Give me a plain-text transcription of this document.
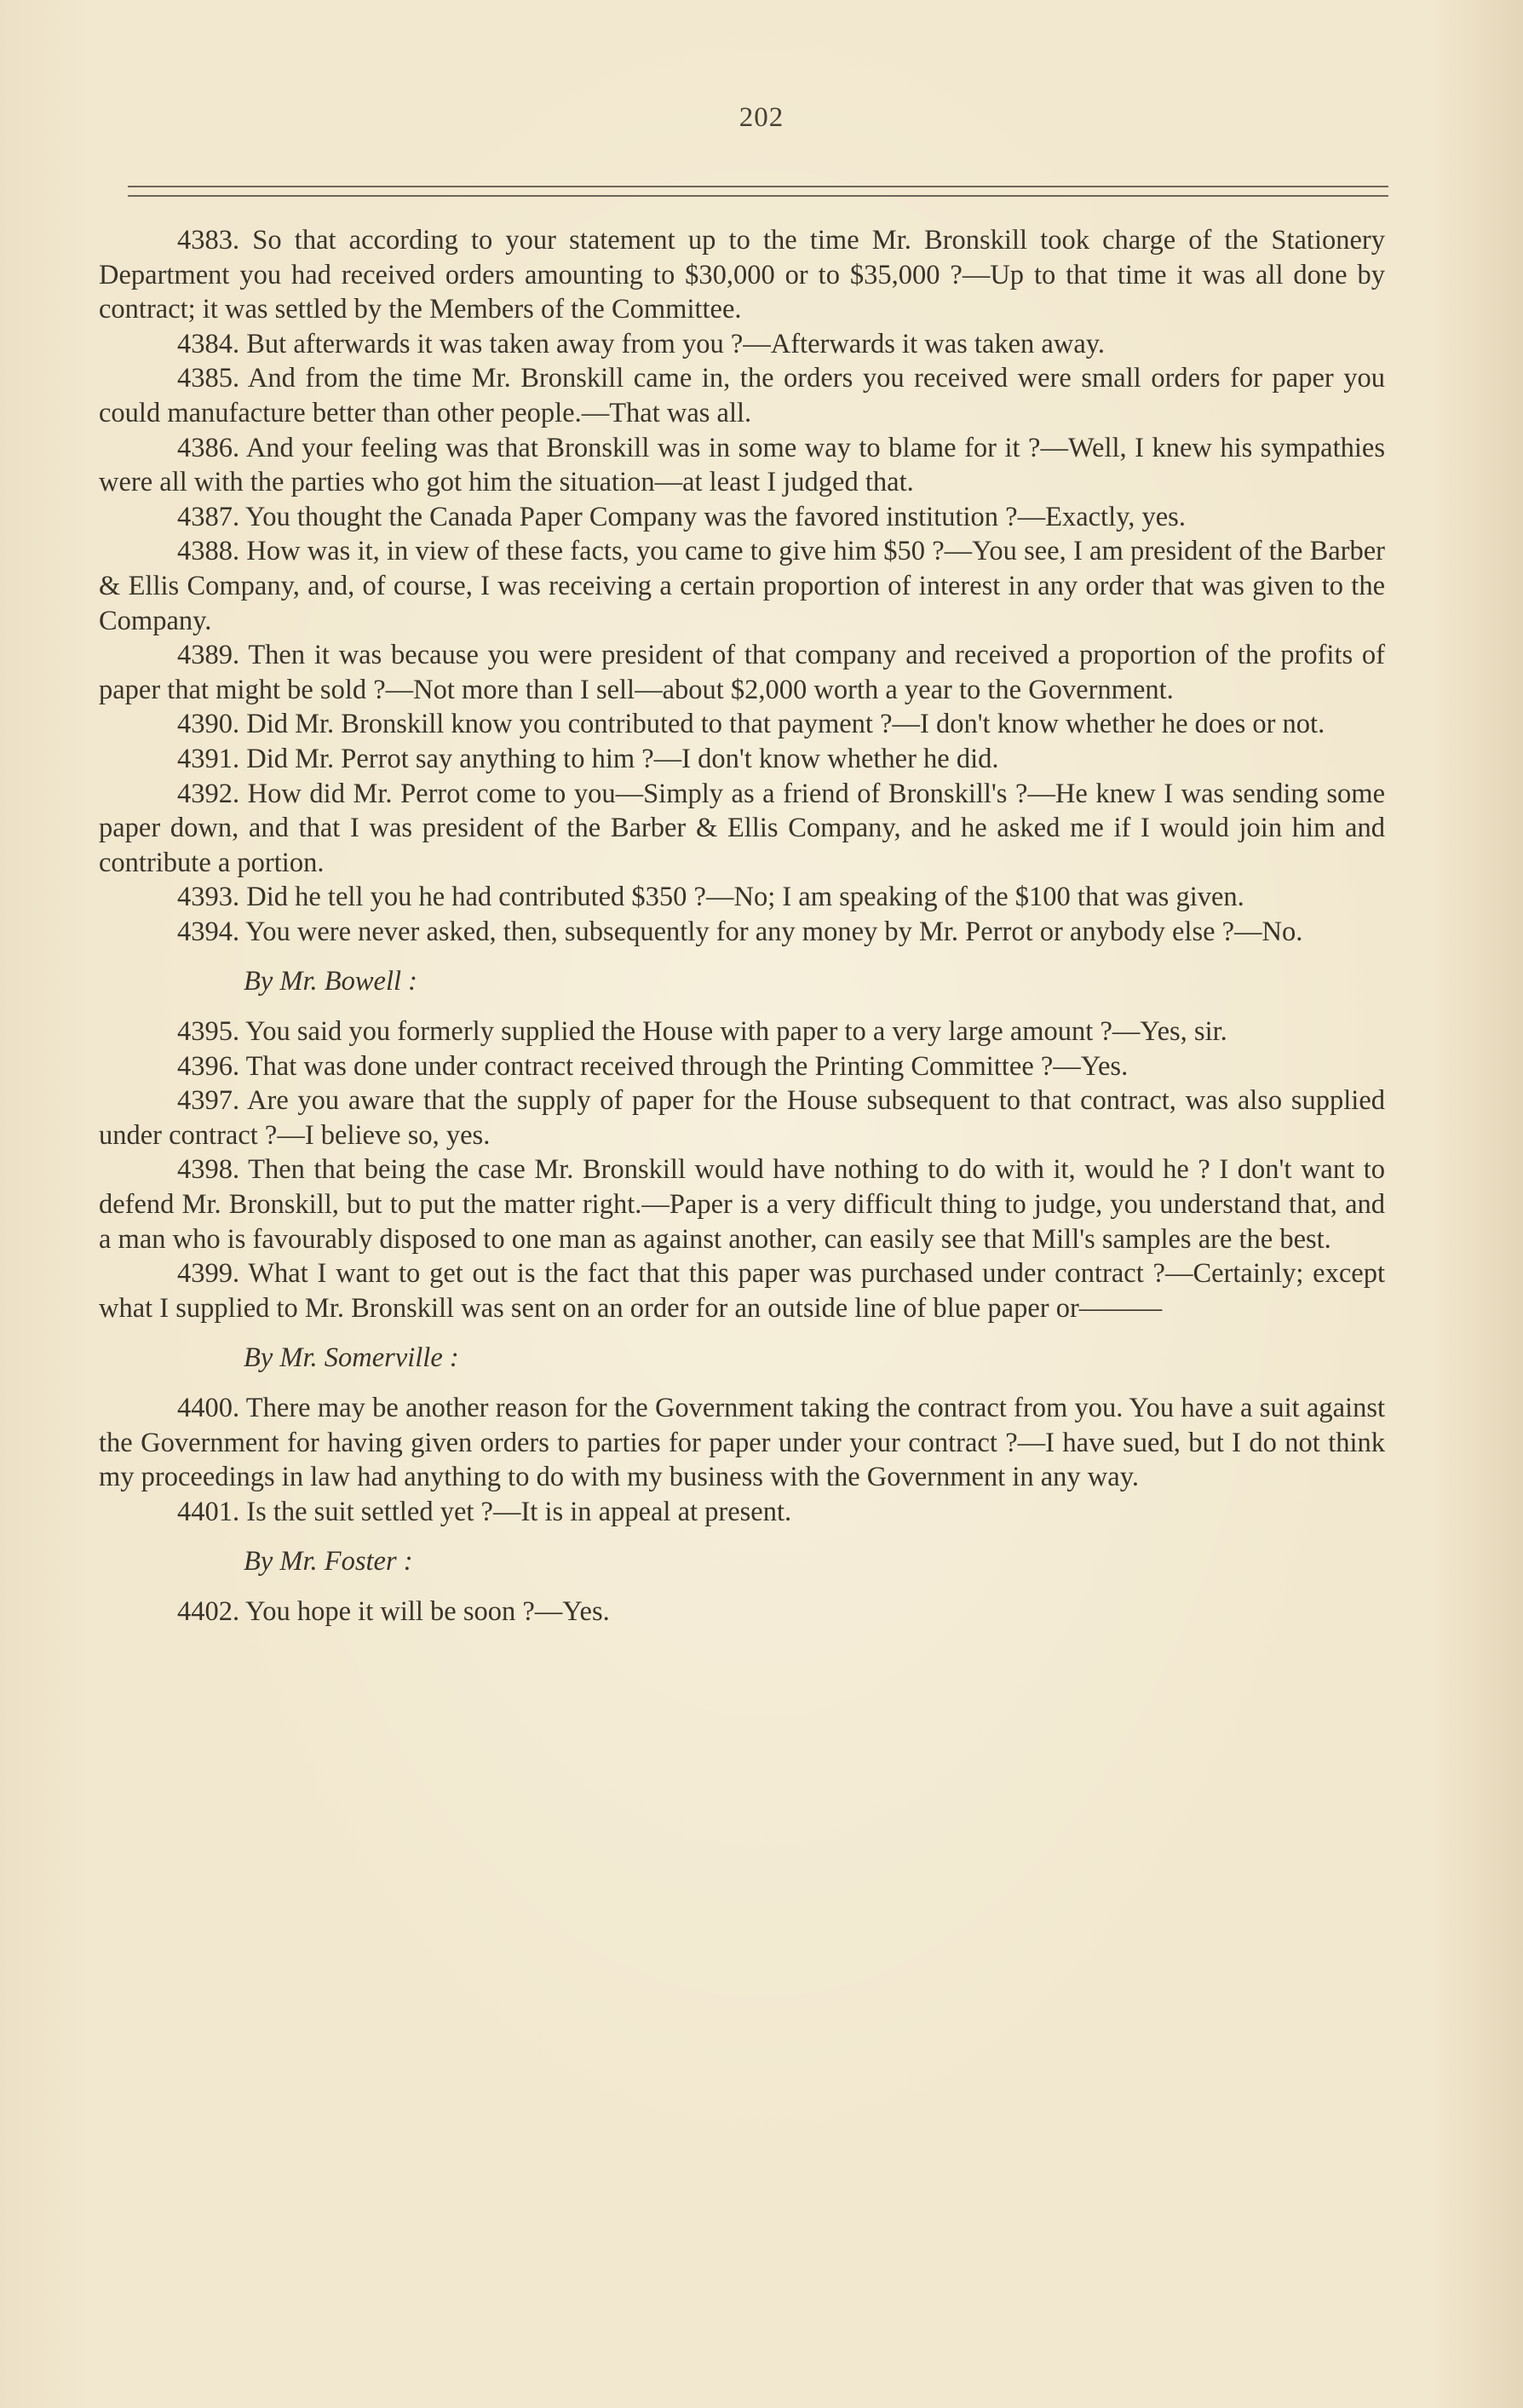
202

4383. So that according to your statement up to the time Mr. Bronskill took charge of the Stationery Department you had received orders amounting to $30,000 or to $35,000 ?—Up to that time it was all done by contract; it was settled by the Members of the Committee.

4384. But afterwards it was taken away from you ?—Afterwards it was taken away.

4385. And from the time Mr. Bronskill came in, the orders you received were small orders for paper you could manufacture better than other people.—That was all.

4386. And your feeling was that Bronskill was in some way to blame for it ?—Well, I knew his sympathies were all with the parties who got him the situation—at least I judged that.

4387. You thought the Canada Paper Company was the favored institution ?—Exactly, yes.

4388. How was it, in view of these facts, you came to give him $50 ?—You see, I am president of the Barber & Ellis Company, and, of course, I was receiving a certain proportion of interest in any order that was given to the Company.

4389. Then it was because you were president of that company and received a proportion of the profits of paper that might be sold ?—Not more than I sell—about $2,000 worth a year to the Government.

4390. Did Mr. Bronskill know you contributed to that payment ?—I don't know whether he does or not.

4391. Did Mr. Perrot say anything to him ?—I don't know whether he did.

4392. How did Mr. Perrot come to you—Simply as a friend of Bronskill's ?—He knew I was sending some paper down, and that I was president of the Barber & Ellis Company, and he asked me if I would join him and contribute a portion.

4393. Did he tell you he had contributed $350 ?—No; I am speaking of the $100 that was given.

4394. You were never asked, then, subsequently for any money by Mr. Perrot or anybody else ?—No.

By Mr. Bowell :

4395. You said you formerly supplied the House with paper to a very large amount ?—Yes, sir.

4396. That was done under contract received through the Printing Committee ?—Yes.

4397. Are you aware that the supply of paper for the House subsequent to that contract, was also supplied under contract ?—I believe so, yes.

4398. Then that being the case Mr. Bronskill would have nothing to do with it, would he ? I don't want to defend Mr. Bronskill, but to put the matter right.—Paper is a very difficult thing to judge, you understand that, and a man who is favourably disposed to one man as against another, can easily see that Mill's samples are the best.

4399. What I want to get out is the fact that this paper was purchased under contract ?—Certainly; except what I supplied to Mr. Bronskill was sent on an order for an outside line of blue paper or———

By Mr. Somerville :

4400. There may be another reason for the Government taking the contract from you. You have a suit against the Government for having given orders to parties for paper under your contract ?—I have sued, but I do not think my proceedings in law had anything to do with my business with the Government in any way.

4401. Is the suit settled yet ?—It is in appeal at present.

By Mr. Foster :

4402. You hope it will be soon ?—Yes.
